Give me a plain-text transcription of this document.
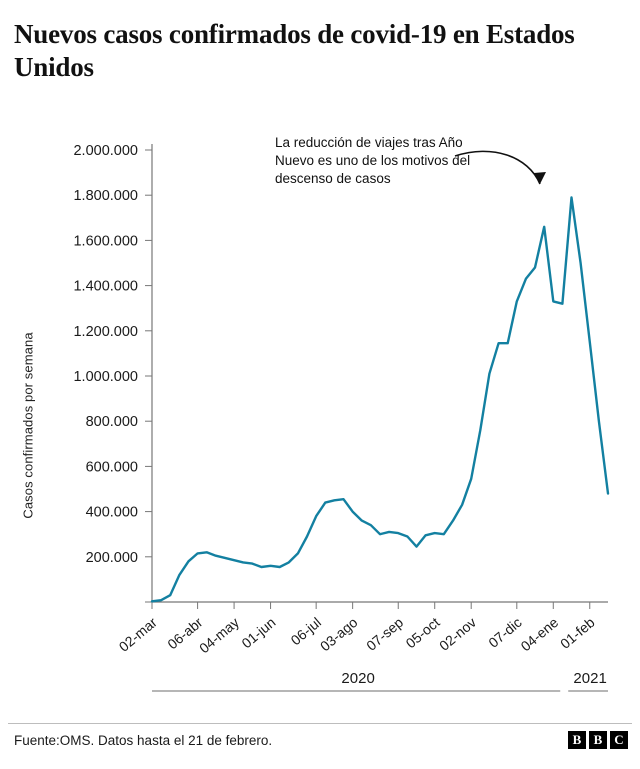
Nuevos casos confirmados de covid-19 en Estados Unidos
Casos confirmados por semana
200.000
400.000
600.000
800.000
1.000.000
1.200.000
1.400.000
1.600.000
1.800.000
2.000.000
02-mar 06-abr
04-may
01-jun 06-jul
03-ago 07-sep
05-oct
02-nov 07-dic
04-ene
01-feb
2020	2021
La reducción de viajes tras Año Nuevo es uno de los motivos del descenso de casos
Fuente:OMS. Datos hasta el 21 de febrero.	B B C
